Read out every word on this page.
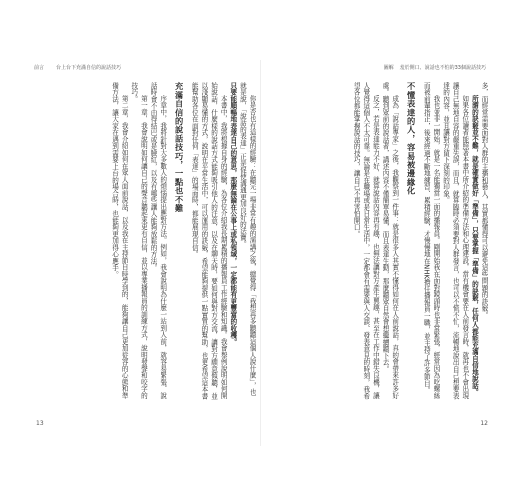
前言 台上台下充滿自信的說話技巧

你是否也有這樣的經驗：在聽完一場非常有趣的演講之後，總覺得「我想再多聽聽這個人說什麼」，也就是說，「說話的表達」正是促使溝通更加良好的法寶。

只要能順暢地表達自己的意思，那麼無論在公事上或私領域，一定都能有更豐富的收穫。

本書中，我將根據自身的經驗，為各位介紹我長期累積的播報員工作經驗和知識。我會舉例說明如何開始說話，什麼樣的說話方式能夠吸引他人的注意，以及在聊天時，要如何與對方交流，讓對方願意傾聽，並以淺顯易懂的方式，說明在平常生活中，可以運用的訣竅，希望能夠提供一點實質的幫助，也更希望這本書能幫助各位在面對任何「表達」的場面時，都能展現自信。

充滿自信的說話技巧，一點也不難

序章中，我將針對大多數人的煩惱提出應對方法。例如，我會說明為什麼一站到人前，就容易緊張、說話時會不由得結巴或是臉紅，以及有哪些讓人能夠放鬆的方法。

第一章，我會說明如何讓自己的聲音聽起來更有自信，並以專業播報員的訓練方式，說明發聲和咬字的技巧。

第二章，我會介紹如何在眾人面前說話，以及我在主持節目時學到的，能夠讓自己更加從容的心態和準備方法，讓大家在遇到需要上台的場合時，也能夠更加得心應手。

13
圖解 羞於開口、說話也不怕的33個說話技巧

多，而經常需要面對人群的主播和藝人，其實都懂得可以避免這些問題的訣竅。

所謂的訣竅並不難，就是確實做好「準備」，只要掌握「準備」的訣竅，任何人都能充滿自信地說話。

如果各位讀者能照著本書中所介紹的準備方法和心理建設，當有機會要在人前發言時，就再也不會出現讓自己無地自容的嚴重失誤，而且，就算臨時必須要對人群發言，也可以不慌不忙，流暢地說出自己想要表達的內容，並且讓對方留下深刻的印象。

我也並非一開始，就是一名能獨當一面的播報員。剛開始我在面對鏡頭時也非常緊張，經常因為吃螺絲而被前輩指正，後來經過不斷地練習、累積經驗，才慢慢地在NHK擔任播報員一職，並主持了許多節目。

不懂表達的人，容易被邊緣化

成為「說話專家」之後，我觀察到一件事：就是很多人其實不懂得如何在人前說話，真的會帶來許多好處。聽到眾前的說話者，講述內容不僅簡單易懂，而且表達生動，那麼聽眾自然會想繼續聽下去。

反之，若是表達能力不好，就算說話內容再有趣，也無法讓對方產生興趣，甚至在工作中錯失良機，讓人覺得這個人不太可靠。無論是在職場或是日常生活中，一定都會有需要與人交談、發表意見的時刻，我希望各位都能掌握說話的技巧，讓自己不再害怕開口。

12
